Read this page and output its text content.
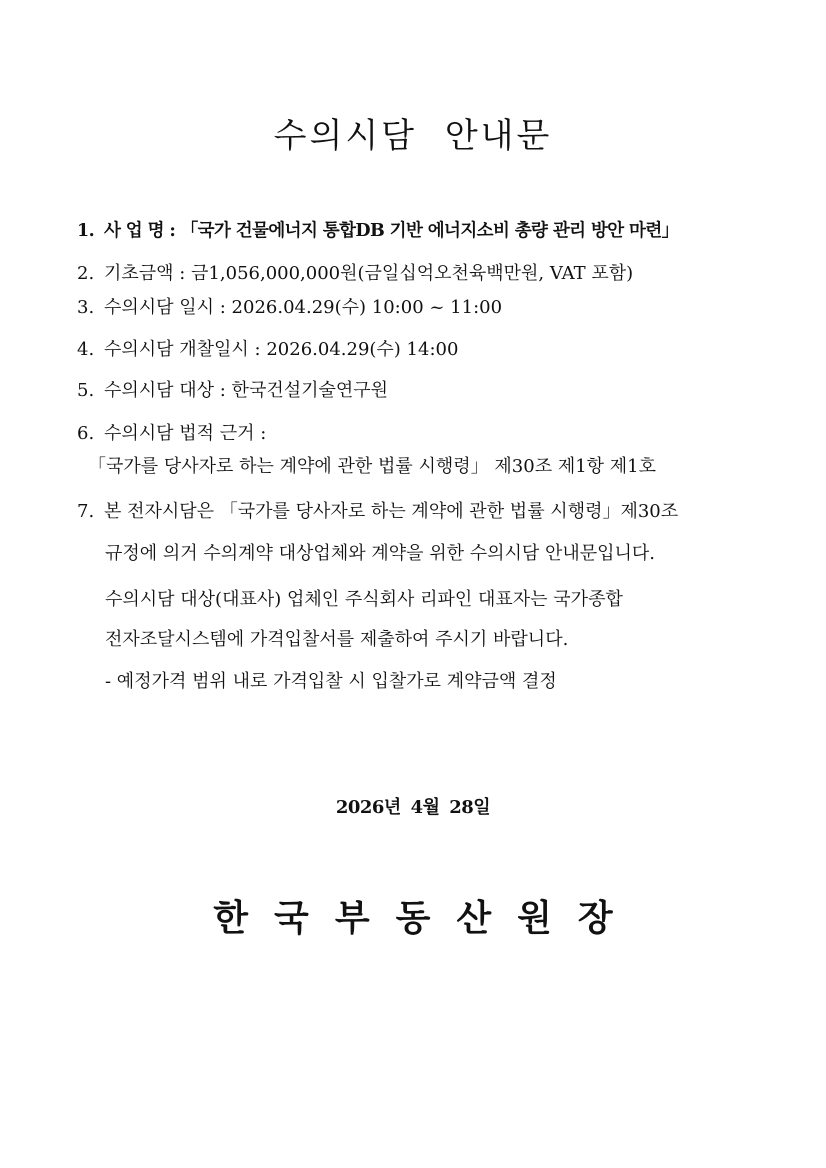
수의시담 안내문
1. 사 업 명 : 「국가 건물에너지 통합DB 기반 에너지소비 총량 관리 방안 마련」
2. 기초금액 : 금1,056,000,000원(금일십억오천육백만원, VAT 포함)
3. 수의시담 일시 : 2026.04.29(수) 10:00 ~ 11:00
4. 수의시담 개찰일시 : 2026.04.29(수) 14:00
5. 수의시담 대상 : 한국건설기술연구원
6. 수의시담 법적 근거 :
「국가를 당사자로 하는 계약에 관한 법률 시행령」 제30조 제1항 제1호
7. 본 전자시담은 「국가를 당사자로 하는 계약에 관한 법률 시행령」제30조
규정에 의거 수의계약 대상업체와 계약을 위한 수의시담 안내문입니다.
수의시담 대상(대표사) 업체인 주식회사 리파인 대표자는 국가종합
전자조달시스템에 가격입찰서를 제출하여 주시기 바랍니다.
- 예정가격 범위 내로 가격입찰 시 입찰가로 계약금액 결정
2026년 4월 28일
한국부동산원장
